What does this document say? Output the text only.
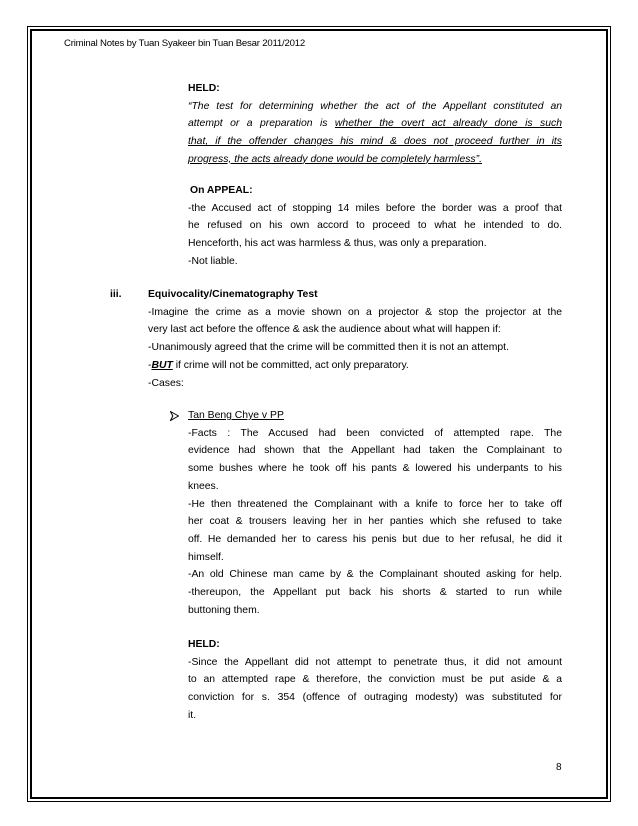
Criminal Notes by Tuan Syakeer bin Tuan Besar 2011/2012
HELD:
“The test for determining whether the act of the Appellant constituted an
attempt or a preparation is whether the overt act already done is such
that, if the offender changes his mind & does not proceed further in its
progress, the acts already done would be completely harmless”.
On APPEAL:
-the Accused act of stopping 14 miles before the border was a proof that
he refused on his own accord to proceed to what he intended to do.
Henceforth, his act was harmless & thus, was only a preparation.
-Not liable.
iii.	Equivocality/Cinematography Test
-Imagine the crime as a movie shown on a projector & stop the projector at the
very last act before the offence & ask the audience about what will happen if:
-Unanimously agreed that the crime will be committed then it is not an attempt.
-BUT if crime will not be committed, act only preparatory.
-Cases:
Tan Beng Chye v PP
-Facts : The Accused had been convicted of attempted rape. The
evidence had shown that the Appellant had taken the Complainant to
some bushes where he took off his pants & lowered his underpants to his
knees.
-He then threatened the Complainant with a knife to force her to take off
her coat & trousers leaving her in her panties which she refused to take
off. He demanded her to caress his penis but due to her refusal, he did it
himself.
-An old Chinese man came by & the Complainant shouted asking for help.
-thereupon, the Appellant put back his shorts & started to run while
buttoning them.
HELD:
-Since the Appellant did not attempt to penetrate thus, it did not amount
to an attempted rape & therefore, the conviction must be put aside & a
conviction for s. 354 (offence of outraging modesty) was substituted for
it.
8
